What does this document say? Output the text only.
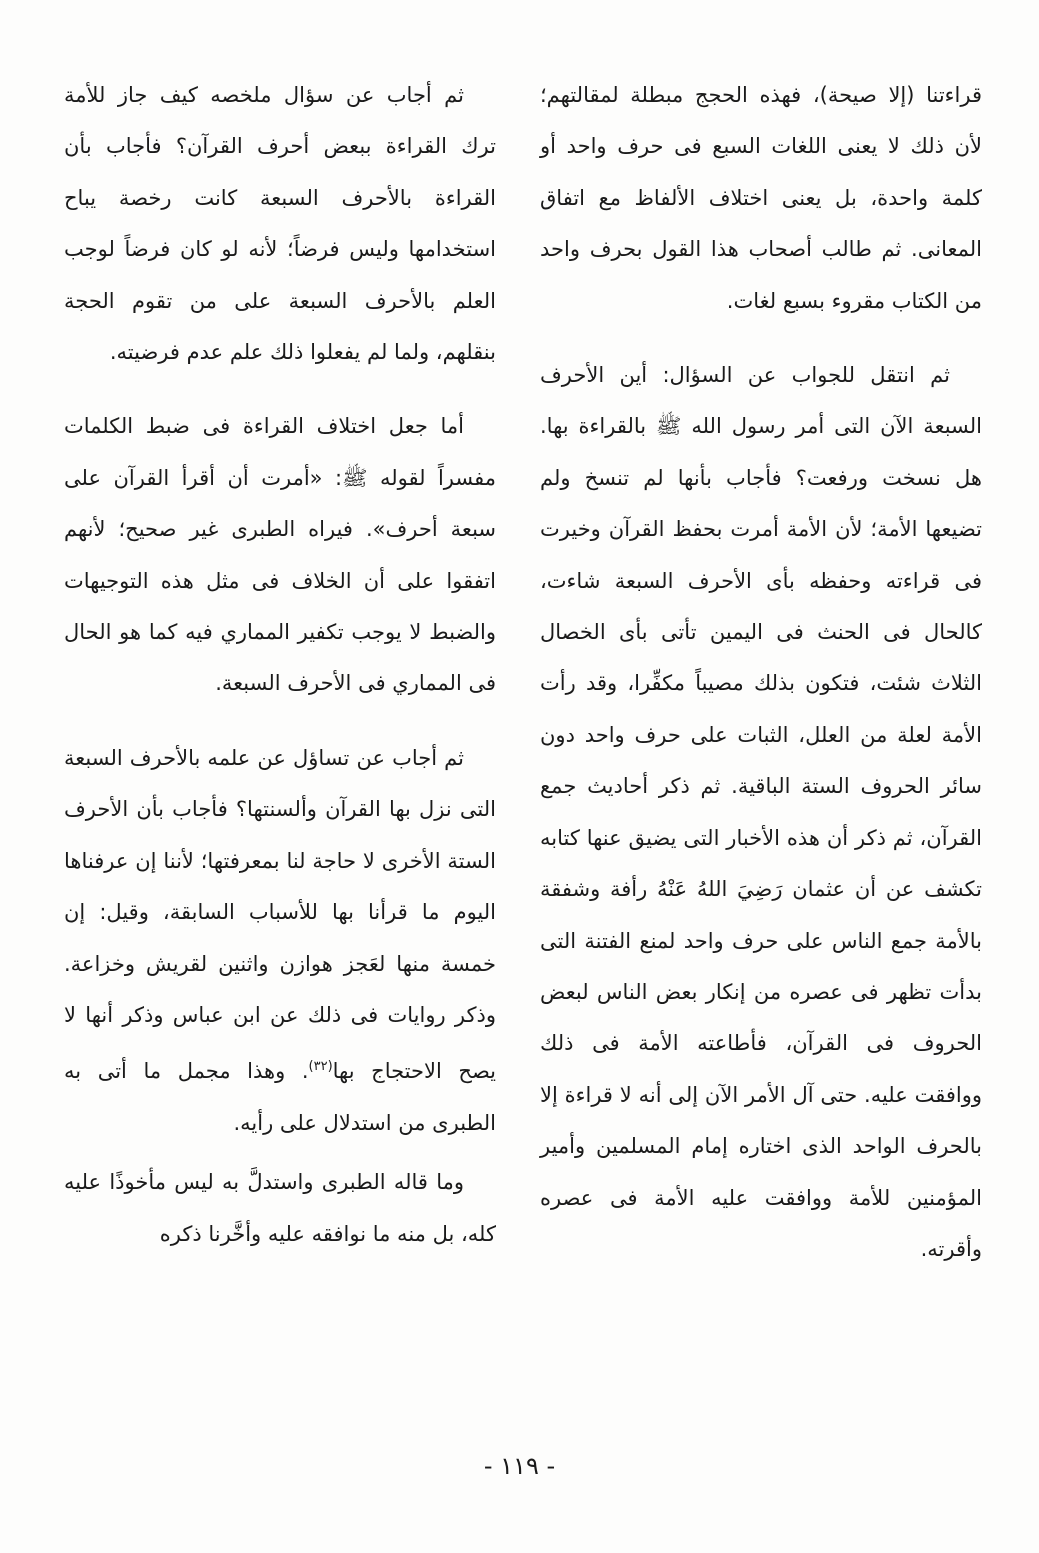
قراءتنا (إلا صيحة)، فهذه الحجج مبطلة لمقالتهم؛ لأن ذلك لا يعنى اللغات السبع فى حرف واحد أو كلمة واحدة، بل يعنى اختلاف الألفاظ مع اتفاق المعانى. ثم طالب أصحاب هذا القول بحرف واحد من الكتاب مقروء بسبع لغات.

ثم انتقل للجواب عن السؤال: أين الأحرف السبعة الآن التى أمر رسول الله ﷺ بالقراءة بها. هل نسخت ورفعت؟ فأجاب بأنها لم تنسخ ولم تضيعها الأمة؛ لأن الأمة أمرت بحفظ القرآن وخيرت فى قراءته وحفظه بأى الأحرف السبعة شاءت، كالحال فى الحنث فى اليمين تأتى بأى الخصال الثلاث شئت، فتكون بذلك مصيباً مكفِّرا، وقد رأت الأمة لعلة من العلل، الثبات على حرف واحد دون سائر الحروف الستة الباقية. ثم ذكر أحاديث جمع القرآن، ثم ذكر أن هذه الأخبار التى يضيق عنها كتابه تكشف عن أن عثمان رَضِيَ اللهُ عَنْهُ رأفة وشفقة بالأمة جمع الناس على حرف واحد لمنع الفتنة التى بدأت تظهر فى عصره من إنكار بعض الناس لبعض الحروف فى القرآن، فأطاعته الأمة فى ذلك ووافقت عليه. حتى آل الأمر الآن إلى أنه لا قراءة إلا بالحرف الواحد الذى اختاره إمام المسلمين وأمير المؤمنين للأمة ووافقت عليه الأمة فى عصره وأقرته.

ثم أجاب عن سؤال ملخصه كيف جاز للأمة ترك القراءة ببعض أحرف القرآن؟ فأجاب بأن القراءة بالأحرف السبعة كانت رخصة يباح استخدامها وليس فرضاً؛ لأنه لو كان فرضاً لوجب العلم بالأحرف السبعة على من تقوم الحجة بنقلهم، ولما لم يفعلوا ذلك علم عدم فرضيته.

أما جعل اختلاف القراءة فى ضبط الكلمات مفسراً لقوله ﷺ: «أمرت أن أقرأ القرآن على سبعة أحرف». فيراه الطبرى غير صحيح؛ لأنهم اتفقوا على أن الخلاف فى مثل هذه التوجيهات والضبط لا يوجب تكفير المماري فيه كما هو الحال فى المماري فى الأحرف السبعة.

ثم أجاب عن تساؤل عن علمه بالأحرف السبعة التى نزل بها القرآن وألسنتها؟ فأجاب بأن الأحرف الستة الأخرى لا حاجة لنا بمعرفتها؛ لأننا إن عرفناها اليوم ما قرأنا بها للأسباب السابقة، وقيل: إن خمسة منها لعَجز هوازن واثنين لقريش وخزاعة. وذكر روايات فى ذلك عن ابن عباس وذكر أنها لا يصح الاحتجاج بها$^{(٣٢)}$. وهذا مجمل ما أتى به الطبرى من استدلال على رأيه.

وما قاله الطبرى واستدلَّ به ليس مأخوذًا عليه كله، بل منه ما نوافقه عليه وأخَّرنا ذكره

- ١١٩ -
